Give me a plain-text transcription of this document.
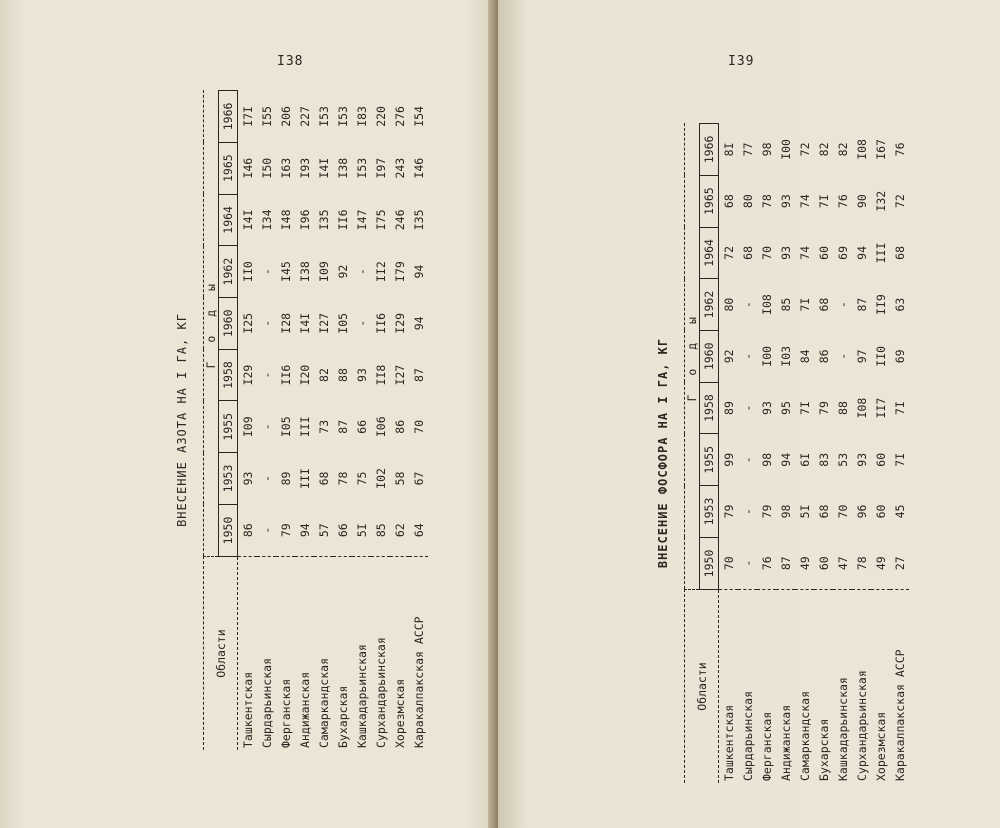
I38
ВНЕСЕНИЕ АЗОТА НА I ГА, КГ
Области	Г о д ы								
	1950	1953	1955	1958	1960	1962	1964	1965	1966
Ташкентская	86	93	I09	I29	I25	II0	I4I	I46	I7I
Сырдарьинская	-	-	-	-	-	-	I34	I50	I55
Ферганская	79	89	I05	II6	I28	I45	I48	I63	206
Андижанская	94	III	III	I20	I4I	I38	I96	I93	227
Самаркандская	57	68	73	82	I27	I09	I35	I4I	I53
Бухарская	66	78	87	88	I05	92	II6	I38	I53
Кашкадарьинская	5I	75	66	93	-	-	I47	I53	I83
Сурхандарьинская	85	I02	I06	II8	II6	II2	I75	I97	220
Хорезмская	62	58	86	I27	I29	I79	246	243	276
Каракалпакская АССР	64	67	70	87	94	94	I35	I46	I54
I39
ВНЕСЕНИЕ ФОСФОРА НА I ГА, КГ
Области	Г о д ы								
	1950	1953	1955	1958	1960	1962	1964	1965	1966
Ташкентская	70	79	99	89	92	80	72	68	8I
Сырдарьинская	-	-	-	-	-	-	68	80	77
Ферганская	76	79	98	93	I00	I08	70	78	98
Андижанская	87	98	94	95	I03	85	93	93	I00
Самаркандская	49	5I	6I	7I	84	7I	74	74	72
Бухарская	60	68	83	79	86	68	60	7I	82
Кашкадарьинская	47	70	53	88	-	-	69	76	82
Сурхандарьинская	78	96	93	I08	97	87	94	90	I08
Хорезмская	49	60	60	II7	II0	II9	III	I32	I67
Каракалпакская АССР	27	45	7I	7I	69	63	68	72	76
